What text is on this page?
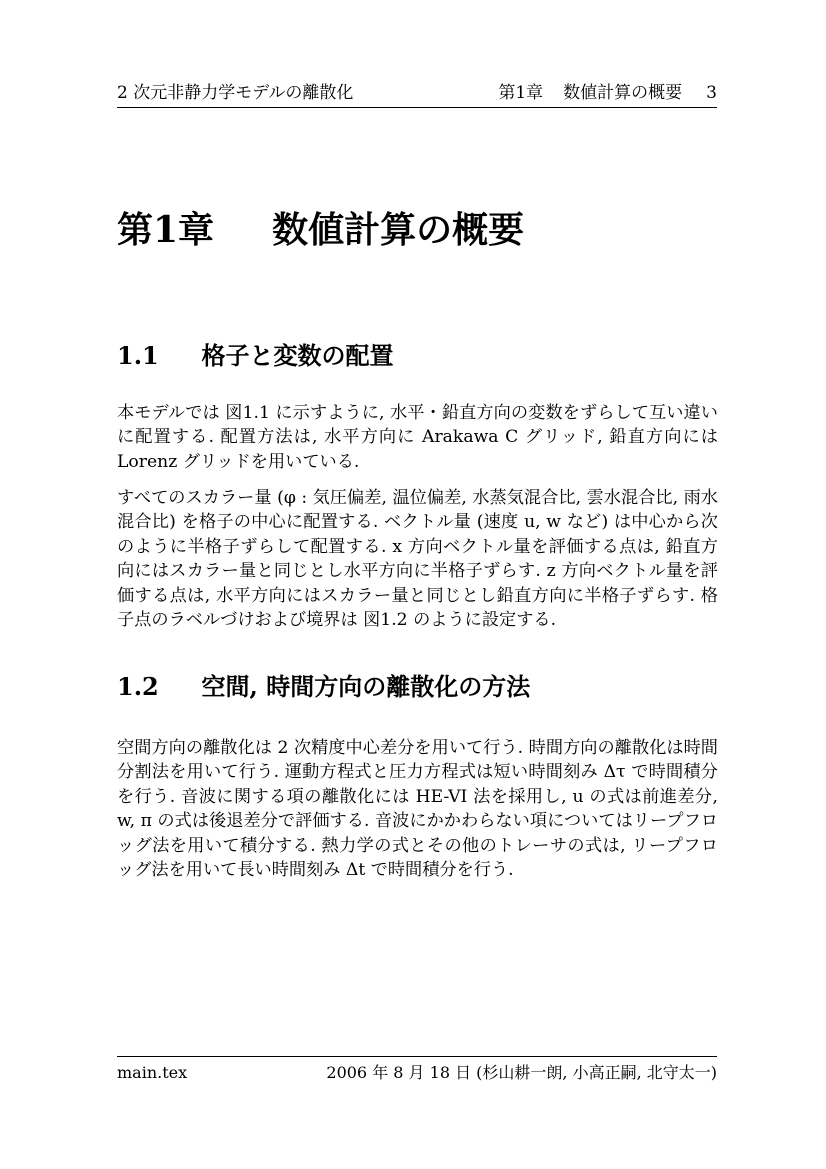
2 次元非静力学モデルの離散化	第1章 数値計算の概要 3
第1章 数値計算の概要
1.1 格子と変数の配置

本モデルでは 図1.1 に示すように, 水平・鉛直方向の変数をずらして互い違いに配置する. 配置方法は, 水平方向に Arakawa C グリッド, 鉛直方向には Lorenz グリッドを用いている.

すべてのスカラー量 (φ : 気圧偏差, 温位偏差, 水蒸気混合比, 雲水混合比, 雨水混合比) を格子の中心に配置する. ベクトル量 (速度 u, w など) は中心から次のように半格子ずらして配置する. x 方向ベクトル量を評価する点は, 鉛直方向にはスカラー量と同じとし水平方向に半格子ずらす. z 方向ベクトル量を評価する点は, 水平方向にはスカラー量と同じとし鉛直方向に半格子ずらす. 格子点のラベルづけおよび境界は 図1.2 のように設定する.

1.2 空間, 時間方向の離散化の方法

空間方向の離散化は 2 次精度中心差分を用いて行う. 時間方向の離散化は時間分割法を用いて行う. 運動方程式と圧力方程式は短い時間刻み Δτ で時間積分を行う. 音波に関する項の離散化には HE-VI 法を採用し, u の式は前進差分, w, π の式は後退差分で評価する. 音波にかかわらない項についてはリープフロッグ法を用いて積分する. 熱力学の式とその他のトレーサの式は, リープフロッグ法を用いて長い時間刻み Δt で時間積分を行う.

main.tex	2006 年 8 月 18 日 (杉山耕一朗, 小高正嗣, 北守太一)
